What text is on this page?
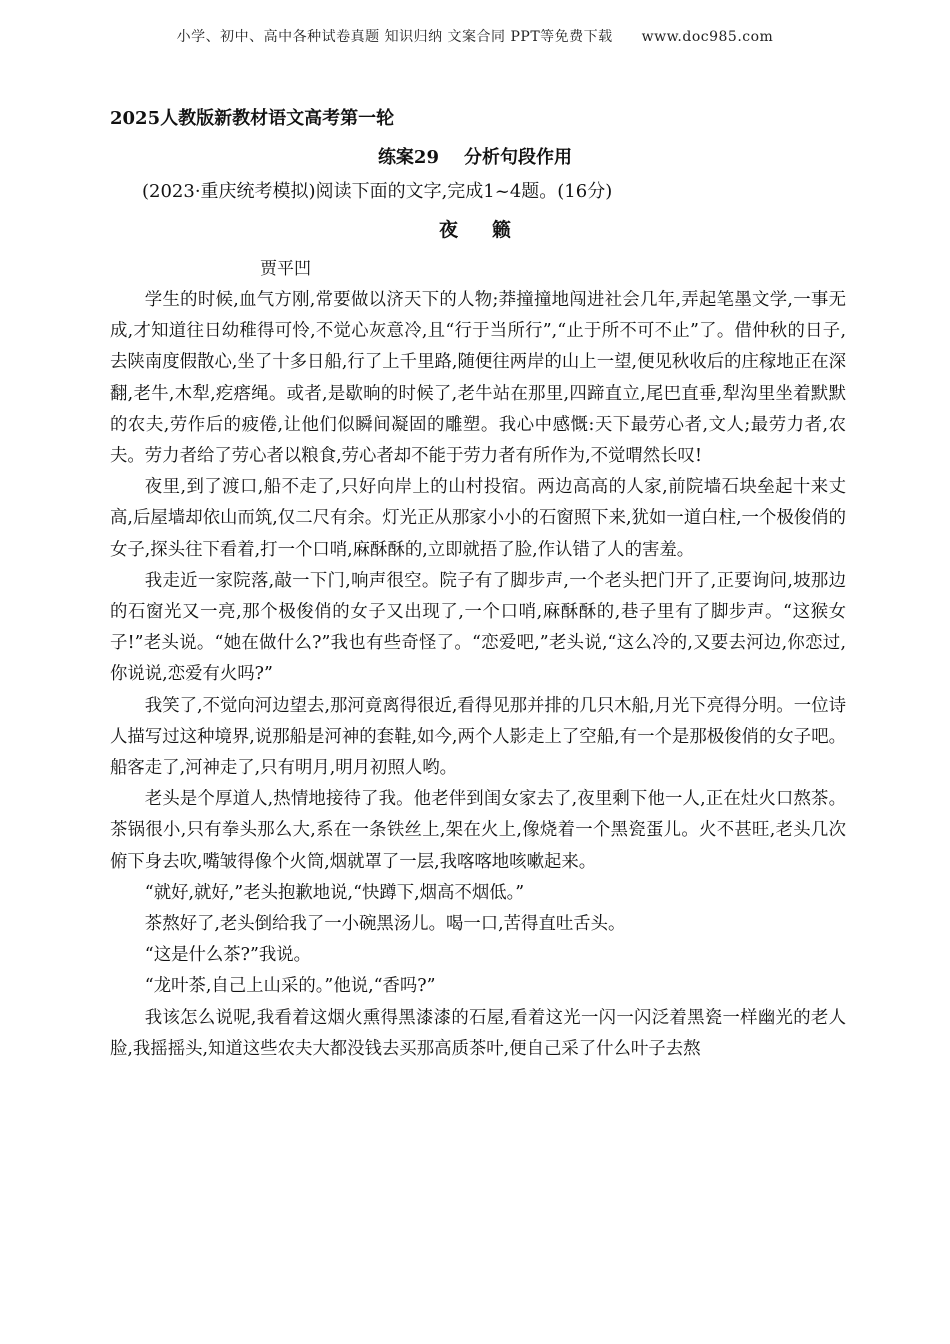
小学、初中、高中各种试卷真题 知识归纳 文案合同 PPT等免费下载 www.doc985.com
2025人教版新教材语文高考第一轮
练案29    分析句段作用

(2023·重庆统考模拟)阅读下面的文字,完成1~4题。(16分)

夜籁

贾平凹

学生的时候,血气方刚,常要做以济天下的人物;莽撞撞地闯进社会几年,弄起笔墨文学,一事无成,才知道往日幼稚得可怜,不觉心灰意冷,且“行于当所行”,“止于所不可不止”了。借仲秋的日子,去陕南度假散心,坐了十多日船,行了上千里路,随便往两岸的山上一望,便见秋收后的庄稼地正在深翻,老牛,木犁,疙瘩绳。或者,是歇晌的时候了,老牛站在那里,四蹄直立,尾巴直垂,犁沟里坐着默默的农夫,劳作后的疲倦,让他们似瞬间凝固的雕塑。我心中感慨:天下最劳心者,文人;最劳力者,农夫。劳力者给了劳心者以粮食,劳心者却不能于劳力者有所作为,不觉喟然长叹!

夜里,到了渡口,船不走了,只好向岸上的山村投宿。两边高高的人家,前院墙石块垒起十来丈高,后屋墙却依山而筑,仅二尺有余。灯光正从那家小小的石窗照下来,犹如一道白柱,一个极俊俏的女子,探头往下看着,打一个口哨,麻酥酥的,立即就捂了脸,作认错了人的害羞。

我走近一家院落,敲一下门,响声很空。院子有了脚步声,一个老头把门开了,正要询问,坡那边的石窗光又一亮,那个极俊俏的女子又出现了,一个口哨,麻酥酥的,巷子里有了脚步声。“这猴女子!”老头说。“她在做什么?”我也有些奇怪了。“恋爱吧,”老头说,“这么冷的,又要去河边,你恋过,你说说,恋爱有火吗?”

我笑了,不觉向河边望去,那河竟离得很近,看得见那并排的几只木船,月光下亮得分明。一位诗人描写过这种境界,说那船是河神的套鞋,如今,两个人影走上了空船,有一个是那极俊俏的女子吧。船客走了,河神走了,只有明月,明月初照人哟。

老头是个厚道人,热情地接待了我。他老伴到闺女家去了,夜里剩下他一人,正在灶火口熬茶。茶锅很小,只有拳头那么大,系在一条铁丝上,架在火上,像烧着一个黑瓷蛋儿。火不甚旺,老头几次俯下身去吹,嘴皱得像个火筒,烟就罩了一层,我喀喀地咳嗽起来。

“就好,就好,”老头抱歉地说,“快蹲下,烟高不烟低。”

茶熬好了,老头倒给我了一小碗黑汤儿。喝一口,苦得直吐舌头。

“这是什么茶?”我说。

“龙叶茶,自己上山采的。”他说,“香吗?”

我该怎么说呢,我看着这烟火熏得黑漆漆的石屋,看着这光一闪一闪泛着黑瓷一样幽光的老人脸,我摇摇头,知道这些农夫大都没钱去买那高质茶叶,便自己采了什么叶子去熬
